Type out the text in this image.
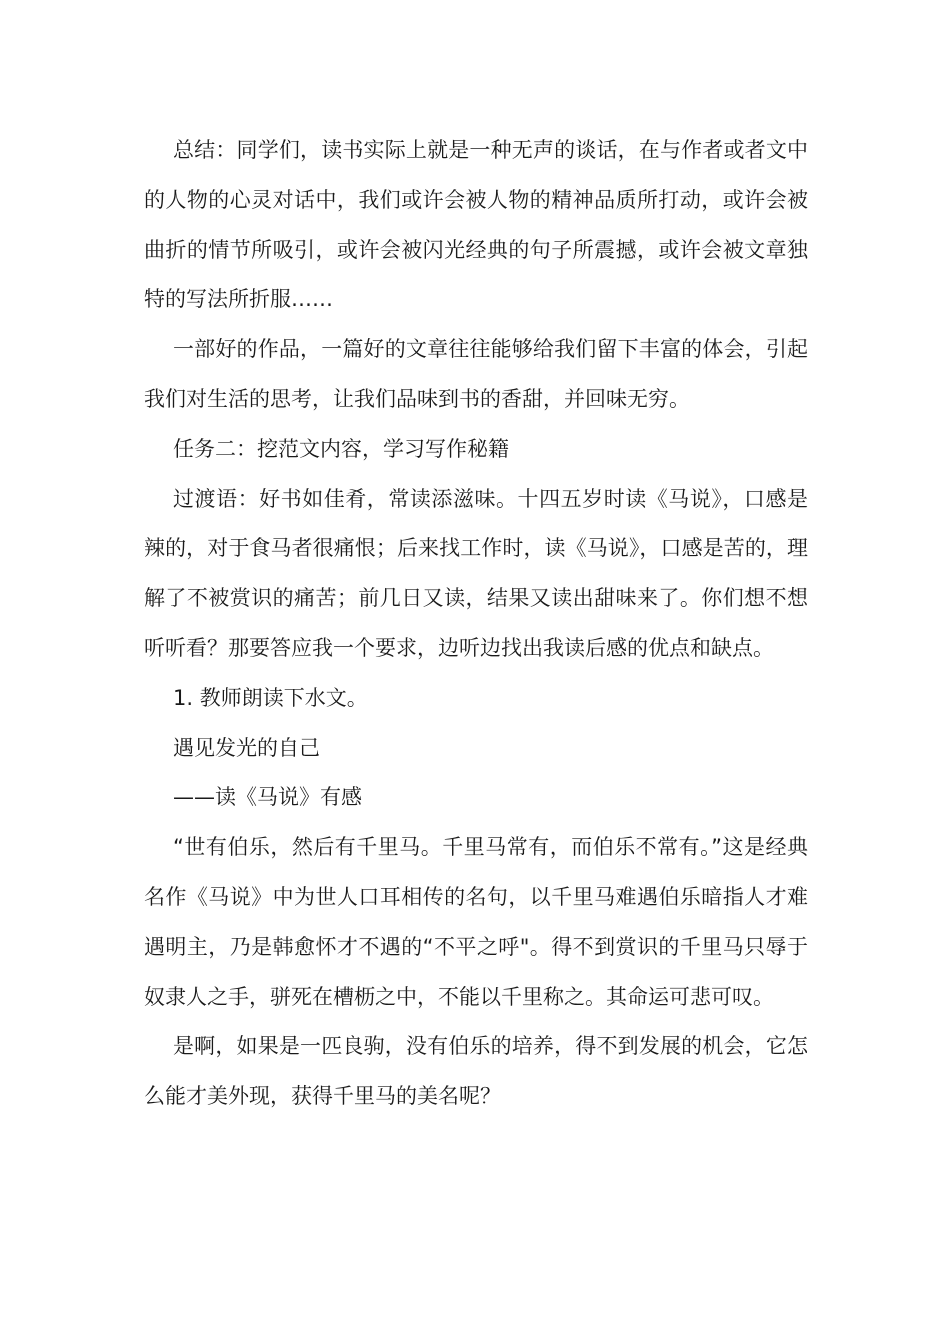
总结：同学们，读书实际上就是一种无声的谈话，在与作者或者文中的人物的心灵对话中，我们或许会被人物的精神品质所打动，或许会被曲折的情节所吸引，或许会被闪光经典的句子所震撼，或许会被文章独特的写法所折服……

一部好的作品，一篇好的文章往往能够给我们留下丰富的体会，引起我们对生活的思考，让我们品味到书的香甜，并回味无穷。

任务二：挖范文内容，学习写作秘籍

过渡语：好书如佳肴，常读添滋味。十四五岁时读《马说》，口感是辣的，对于食马者很痛恨；后来找工作时，读《马说》，口感是苦的，理解了不被赏识的痛苦；前几日又读，结果又读出甜味来了。你们想不想听听看？那要答应我一个要求，边听边找出我读后感的优点和缺点。

1. 教师朗读下水文。

遇见发光的自己

——读《马说》有感

“世有伯乐，然后有千里马。千里马常有，而伯乐不常有。”这是经典名作《马说》中为世人口耳相传的名句，以千里马难遇伯乐暗指人才难遇明主，乃是韩愈怀才不遇的“不平之呼"。得不到赏识的千里马只辱于奴隶人之手，骈死在槽枥之中，不能以千里称之。其命运可悲可叹。

是啊，如果是一匹良驹，没有伯乐的培养，得不到发展的机会，它怎么能才美外现，获得千里马的美名呢？
